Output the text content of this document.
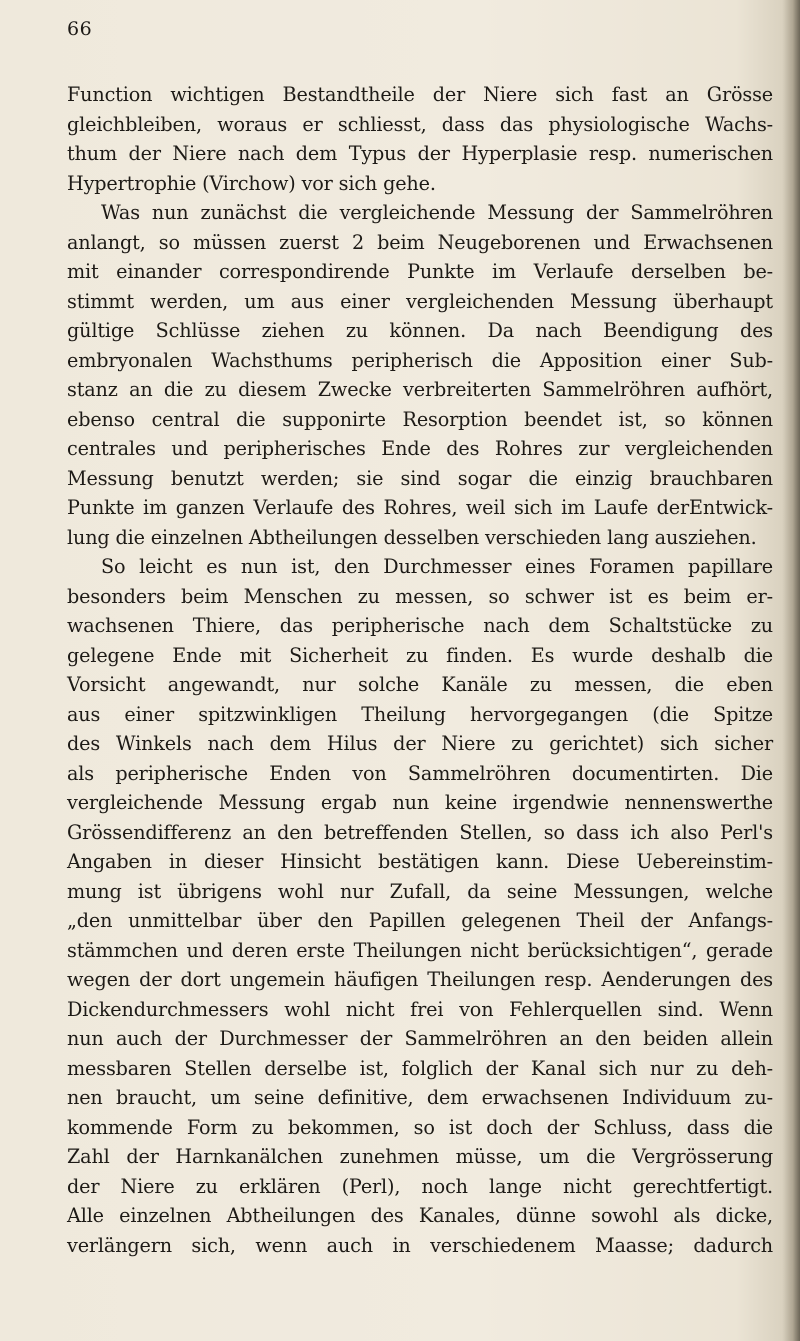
66
Function wichtigen Bestandtheile der Niere sich fast an Grösse
gleichbleiben, woraus er schliesst, dass das physiologische Wachs-
thum der Niere nach dem Typus der Hyperplasie resp. numerischen
Hypertrophie (Virchow) vor sich gehe.
Was nun zunächst die vergleichende Messung der Sammelröhren
anlangt, so müssen zuerst 2 beim Neugeborenen und Erwachsenen
mit einander correspondirende Punkte im Verlaufe derselben be-
stimmt werden, um aus einer vergleichenden Messung überhaupt
gültige Schlüsse ziehen zu können. Da nach Beendigung des
embryonalen Wachsthums peripherisch die Apposition einer Sub-
stanz an die zu diesem Zwecke verbreiterten Sammelröhren aufhört,
ebenso central die supponirte Resorption beendet ist, so können
centrales und peripherisches Ende des Rohres zur vergleichenden
Messung benutzt werden; sie sind sogar die einzig brauchbaren
Punkte im ganzen Verlaufe des Rohres, weil sich im Laufe derEntwick-
lung die einzelnen Abtheilungen desselben verschieden lang ausziehen.
So leicht es nun ist, den Durchmesser eines Foramen papillare
besonders beim Menschen zu messen, so schwer ist es beim er-
wachsenen Thiere, das peripherische nach dem Schaltstücke zu
gelegene Ende mit Sicherheit zu finden. Es wurde deshalb die
Vorsicht angewandt, nur solche Kanäle zu messen, die eben
aus einer spitzwinkligen Theilung hervorgegangen (die Spitze
des Winkels nach dem Hilus der Niere zu gerichtet) sich sicher
als peripherische Enden von Sammelröhren documentirten. Die
vergleichende Messung ergab nun keine irgendwie nennenswerthe
Grössendifferenz an den betreffenden Stellen, so dass ich also Perl's
Angaben in dieser Hinsicht bestätigen kann. Diese Uebereinstim-
mung ist übrigens wohl nur Zufall, da seine Messungen, welche
„den unmittelbar über den Papillen gelegenen Theil der Anfangs-
stämmchen und deren erste Theilungen nicht berücksichtigen“, gerade
wegen der dort ungemein häufigen Theilungen resp. Aenderungen des
Dickendurchmessers wohl nicht frei von Fehlerquellen sind. Wenn
nun auch der Durchmesser der Sammelröhren an den beiden allein
messbaren Stellen derselbe ist, folglich der Kanal sich nur zu deh-
nen braucht, um seine definitive, dem erwachsenen Individuum zu-
kommende Form zu bekommen, so ist doch der Schluss, dass die
Zahl der Harnkanälchen zunehmen müsse, um die Vergrösserung
der Niere zu erklären (Perl), noch lange nicht gerechtfertigt.
Alle einzelnen Abtheilungen des Kanales, dünne sowohl als dicke,
verlängern sich, wenn auch in verschiedenem Maasse; dadurch
